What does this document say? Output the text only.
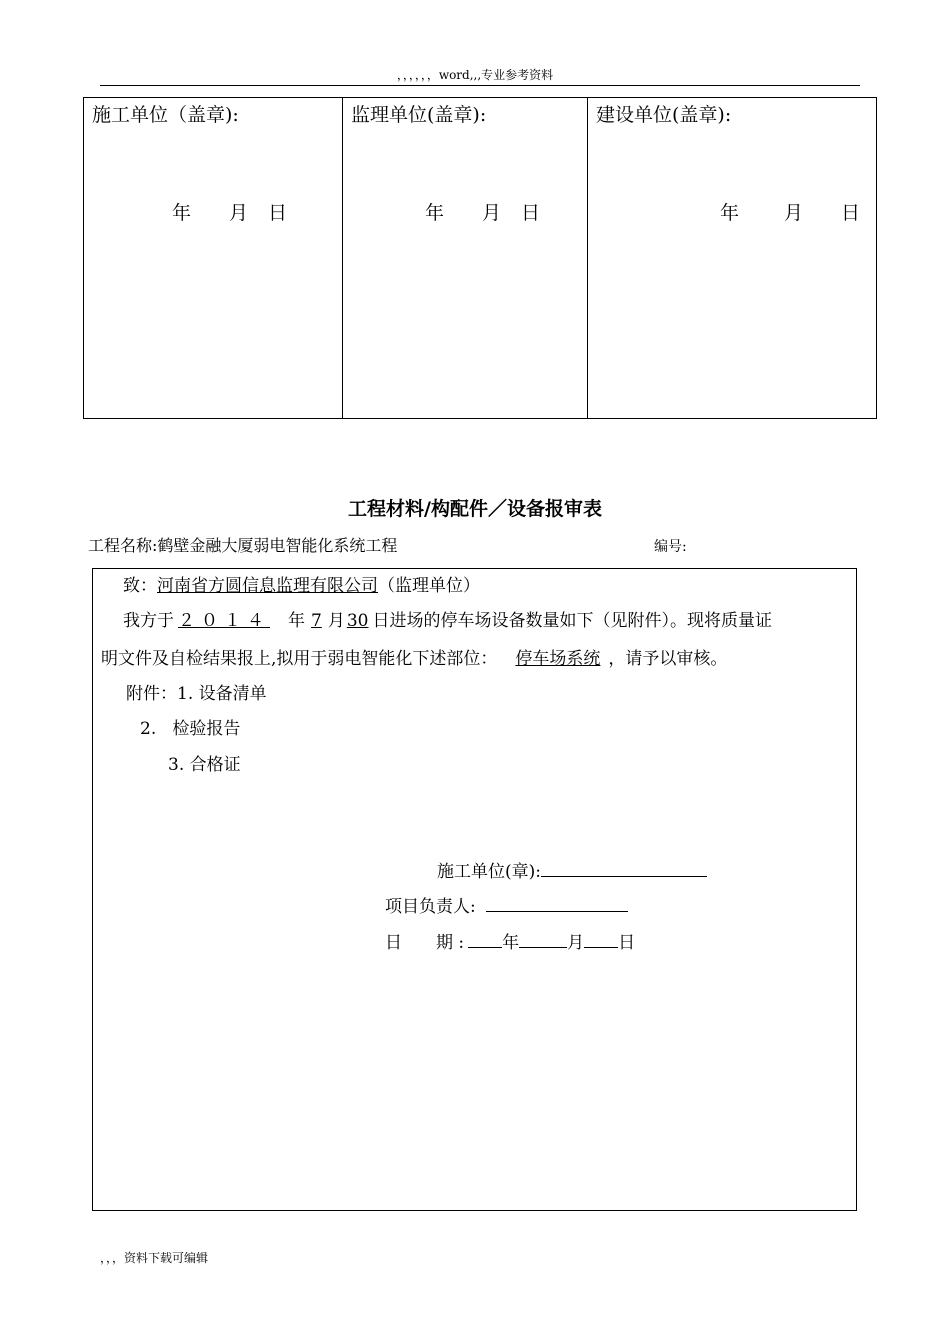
，，，，，，word,,,专业参考资料
施工单位（盖章):
年 月 日
监理单位(盖章):
年 月 日
建设单位(盖章):
年 月 日
工程材料/构配件／设备报审表
工程名称:鹤壁金融大厦弱电智能化系统工程	编号:
致：河南省方圆信息监理有限公司（监理单位）
我方于 ２０１４ 年 7 月 30 日进场的停车场设备数量如下（见附件）。现将质量证
明文件及自检结果报上,拟用于弱电智能化下述部位： 停车场系统 ，请予以审核。
附件：1. 设备清单
2.   检验报告
3. 合格证
施工单位(章):
项目负责人:
日　　期 : 年	月 日
，，，资料下载可编辑
